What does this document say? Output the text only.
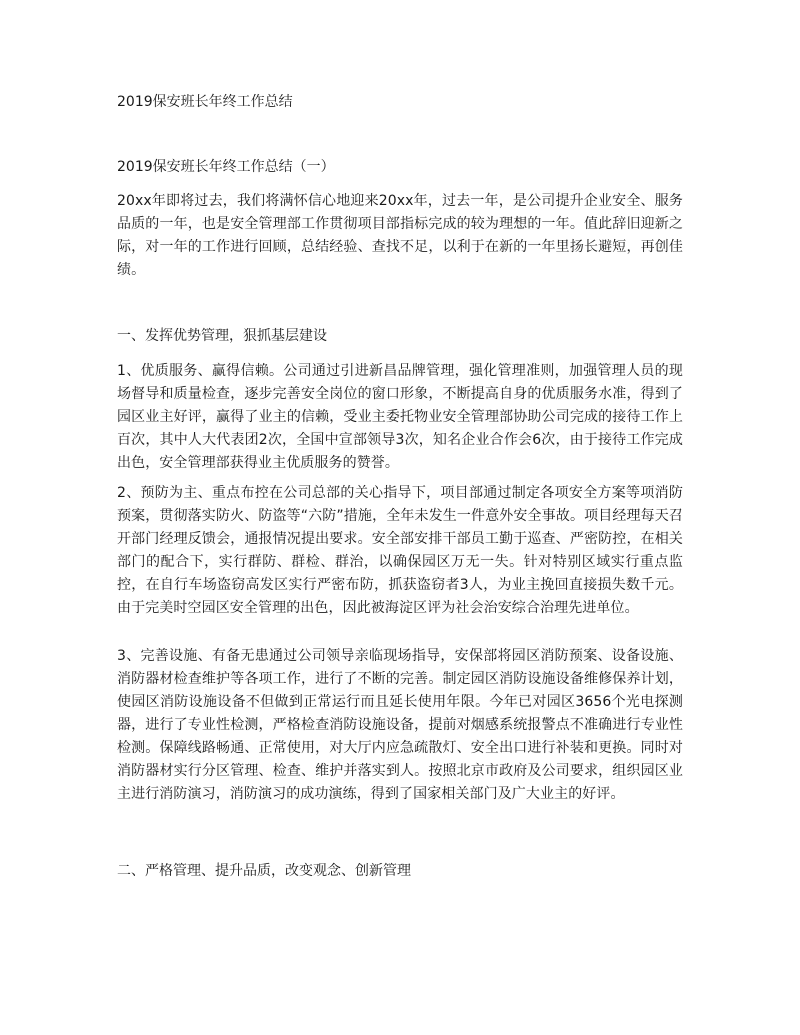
2019保安班长年终工作总结
2019保安班长年终工作总结（一）

20xx年即将过去，我们将满怀信心地迎来20xx年，过去一年，是公司提升企业安全、服务品质的一年，也是安全管理部工作贯彻项目部指标完成的较为理想的一年。值此辞旧迎新之际，对一年的工作进行回顾，总结经验、查找不足，以利于在新的一年里扬长避短，再创佳绩。

一、发挥优势管理，狠抓基层建设

1、优质服务、赢得信赖。公司通过引进新昌品牌管理，强化管理准则，加强管理人员的现场督导和质量检查，逐步完善安全岗位的窗口形象，不断提高自身的优质服务水准，得到了园区业主好评，赢得了业主的信赖，受业主委托物业安全管理部协助公司完成的接待工作上百次，其中人大代表团2次，全国中宣部领导3次，知名企业合作会6次，由于接待工作完成出色，安全管理部获得业主优质服务的赞誉。

2、预防为主、重点布控在公司总部的关心指导下，项目部通过制定各项安全方案等项消防预案，贯彻落实防火、防盗等“六防”措施，全年未发生一件意外安全事故。项目经理每天召开部门经理反馈会，通报情况提出要求。安全部安排干部员工勤于巡查、严密防控，在相关部门的配合下，实行群防、群检、群治，以确保园区万无一失。针对特别区域实行重点监控，在自行车场盗窃高发区实行严密布防，抓获盗窃者3人，为业主挽回直接损失数千元。由于完美时空园区安全管理的出色，因此被海淀区评为社会治安综合治理先进单位。

3、完善设施、有备无患通过公司领导亲临现场指导，安保部将园区消防预案、设备设施、消防器材检查维护等各项工作，进行了不断的完善。制定园区消防设施设备维修保养计划，使园区消防设施设备不但做到正常运行而且延长使用年限。今年已对园区3656个光电探测器，进行了专业性检测，严格检查消防设施设备，提前对烟感系统报警点不准确进行专业性检测。保障线路畅通、正常使用，对大厅内应急疏散灯、安全出口进行补装和更换。同时对消防器材实行分区管理、检查、维护并落实到人。按照北京市政府及公司要求，组织园区业主进行消防演习，消防演习的成功演练，得到了国家相关部门及广大业主的好评。

二、严格管理、提升品质，改变观念、创新管理
